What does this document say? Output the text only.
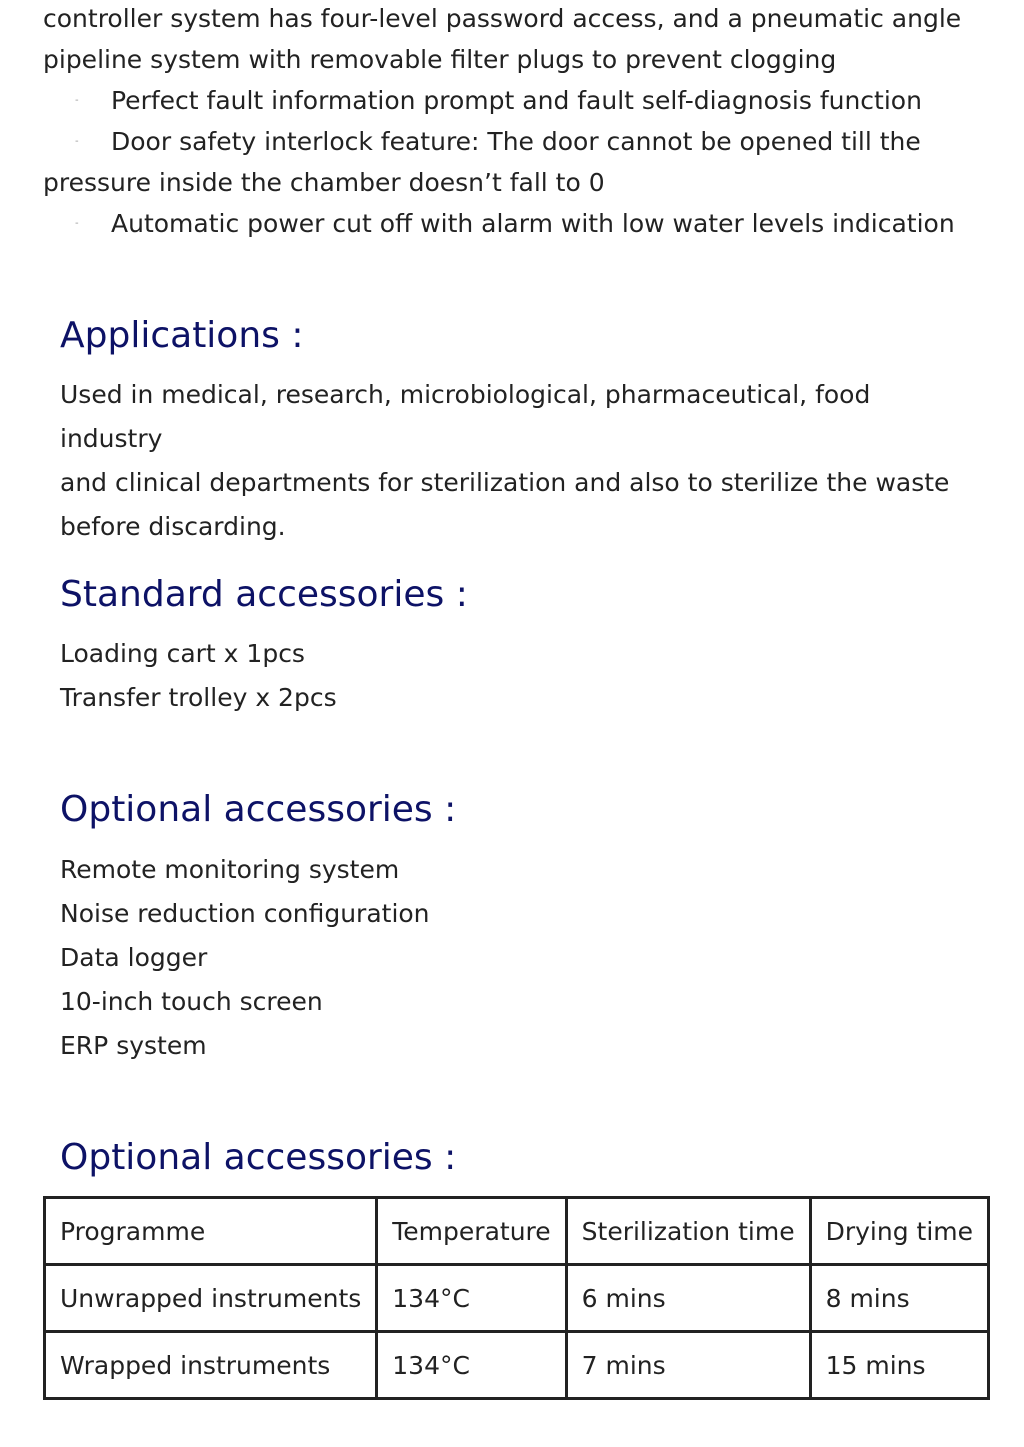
controller system has four-level password access, and a pneumatic angle

pipeline system with removable filter plugs to prevent clogging

- Perfect fault information prompt and fault self-diagnosis function

- Door safety interlock feature: The door cannot be opened till the

pressure inside the chamber doesn’t fall to 0

- Automatic power cut off with alarm with low water levels indication

Applications :
Used in medical, research, microbiological, pharmaceutical, food industry
and clinical departments for sterilization and also to sterilize the waste
before discarding.
Standard accessories :
Loading cart x 1pcs
Transfer trolley x 2pcs
Optional accessories :
Remote monitoring system
Noise reduction configuration
Data logger
10-inch touch screen
ERP system
Optional accessories :
Programme	Temperature	Sterilization time	Drying time
Unwrapped instruments	134°C	6 mins	8 mins
Wrapped instruments	134°C	7 mins	15 mins
